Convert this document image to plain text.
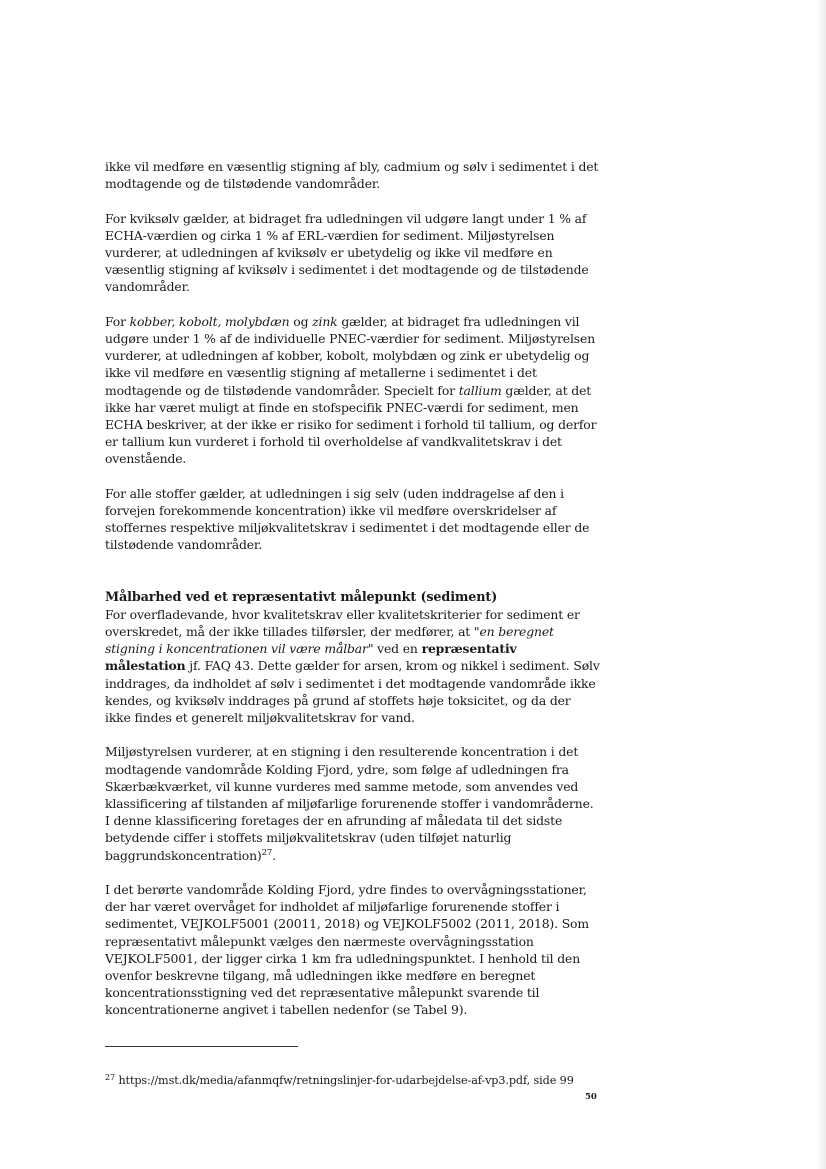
ikke vil medføre en væsentlig stigning af bly, cadmium og sølv i sedimentet i det modtagende og de tilstødende vandområder.

For kviksølv gælder, at bidraget fra udledningen vil udgøre langt under 1 % af ECHA-værdien og cirka 1 % af ERL-værdien for sediment. Miljøstyrelsen vurderer, at udledningen af kviksølv er ubetydelig og ikke vil medføre en væsentlig stigning af kviksølv i sedimentet i det modtagende og de tilstødende vandområder.

For kobber, kobolt, molybdæn og zink gælder, at bidraget fra udledningen vil udgøre under 1 % af de individuelle PNEC-værdier for sediment. Miljøstyrelsen vurderer, at udledningen af kobber, kobolt, molybdæn og zink er ubetydelig og ikke vil medføre en væsentlig stigning af metallerne i sedimentet i det modtagende og de tilstødende vandområder. Specielt for tallium gælder, at det ikke har været muligt at finde en stofspecifik PNEC-værdi for sediment, men ECHA beskriver, at der ikke er risiko for sediment i forhold til tallium, og derfor er tallium kun vurderet i forhold til overholdelse af vandkvalitetskrav i det ovenstående.

For alle stoffer gælder, at udledningen i sig selv (uden inddragelse af den i forvejen forekommende koncentration) ikke vil medføre overskridelser af stoffernes respektive miljøkvalitetskrav i sedimentet i det modtagende eller de tilstødende vandområder.

Målbarhed ved et repræsentativt målepunkt (sediment)

For overfladevande, hvor kvalitetskrav eller kvalitetskriterier for sediment er overskredet, må der ikke tillades tilførsler, der medfører, at "en beregnet stigning i koncentrationen vil være målbar" ved en repræsentativ målestation jf. FAQ 43. Dette gælder for arsen, krom og nikkel i sediment. Sølv inddrages, da indholdet af sølv i sedimentet i det modtagende vandområde ikke kendes, og kviksølv inddrages på grund af stoffets høje toksicitet, og da der ikke findes et generelt miljøkvalitetskrav for vand.

Miljøstyrelsen vurderer, at en stigning i den resulterende koncentration i det modtagende vandområde Kolding Fjord, ydre, som følge af udledningen fra Skærbækværket, vil kunne vurderes med samme metode, som anvendes ved klassificering af tilstanden af miljøfarlige forurenende stoffer i vandområderne. I denne klassificering foretages der en afrunding af måledata til det sidste betydende ciffer i stoffets miljøkvalitetskrav (uden tilføjet naturlig baggrundskoncentration)$^{27}$.

I det berørte vandområde Kolding Fjord, ydre findes to overvågningsstationer, der har været overvåget for indholdet af miljøfarlige forurenende stoffer i sedimentet, VEJKOLF5001 (20011, 2018) og VEJKOLF5002 (2011, 2018). Som repræsentativt målepunkt vælges den nærmeste overvågningsstation VEJKOLF5001, der ligger cirka 1 km fra udledningspunktet. I henhold til den ovenfor beskrevne tilgang, må udledningen ikke medføre en beregnet koncentrationsstigning ved det repræsentative målepunkt svarende til koncentrationerne angivet i tabellen nedenfor (se Tabel 9).

$^{27}$ https://mst.dk/media/afanmqfw/retningslinjer-for-udarbejdelse-af-vp3.pdf, side 99
50
